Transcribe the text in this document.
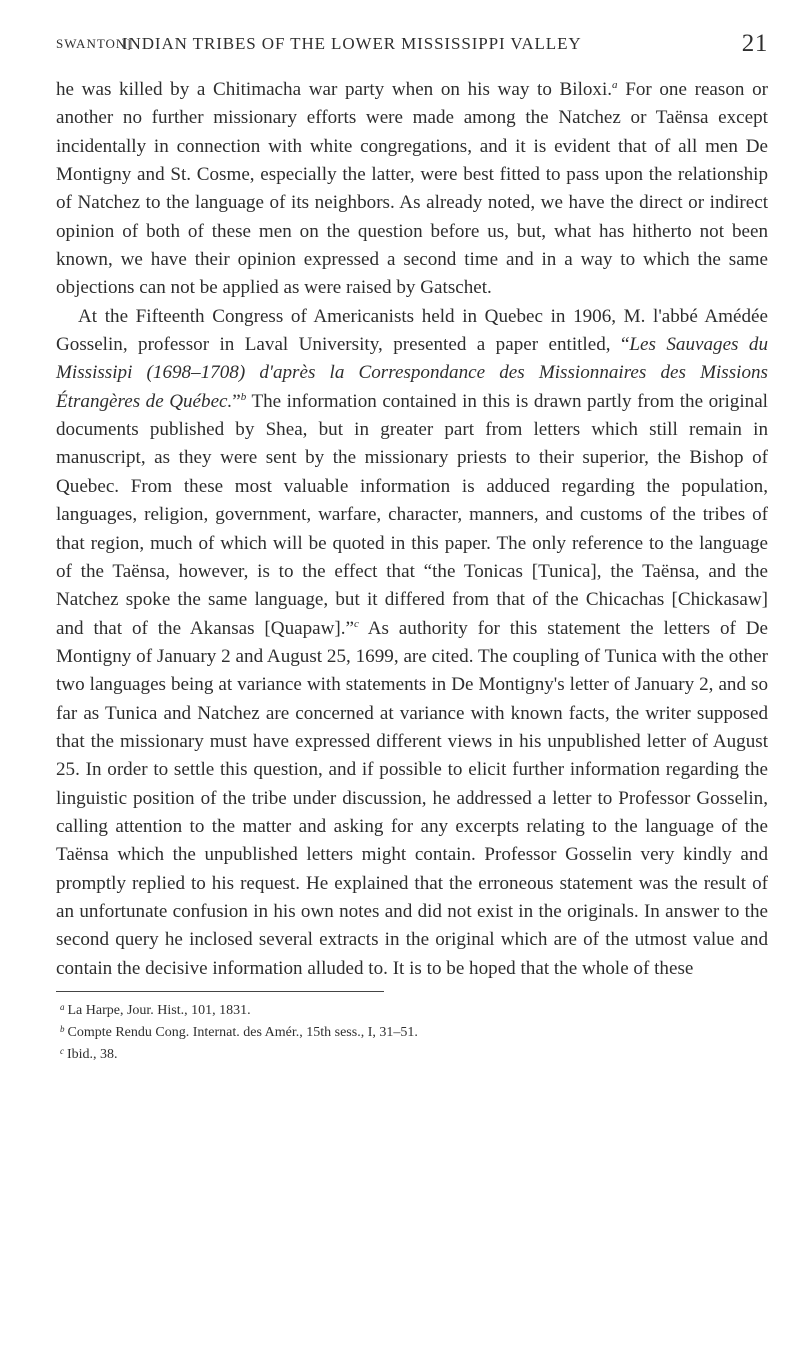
SWANTON]
INDIAN TRIBES OF THE LOWER MISSISSIPPI VALLEY	21

he was killed by a Chitimacha war party when on his way to Biloxi.$^a$ For one reason or another no further missionary efforts were made among the Natchez or Taënsa except incidentally in connection with white congregations, and it is evident that of all men De Montigny and St. Cosme, especially the latter, were best fitted to pass upon the relationship of Natchez to the language of its neighbors. As already noted, we have the direct or indirect opinion of both of these men on the question before us, but, what has hitherto not been known, we have their opinion expressed a second time and in a way to which the same objections can not be applied as were raised by Gatschet.

At the Fifteenth Congress of Americanists held in Quebec in 1906, M. l'abbé Amédée Gosselin, professor in Laval University, presented a paper entitled, “Les Sauvages du Mississipi (1698–1708) d'après la Correspondance des Missionnaires des Missions Étrangères de Québec.”$^b$ The information contained in this is drawn partly from the original documents published by Shea, but in greater part from letters which still remain in manuscript, as they were sent by the missionary priests to their superior, the Bishop of Quebec. From these most valuable information is adduced regarding the population, languages, religion, government, warfare, character, manners, and customs of the tribes of that region, much of which will be quoted in this paper. The only reference to the language of the Taënsa, however, is to the effect that “the Tonicas [Tunica], the Taënsa, and the Natchez spoke the same language, but it differed from that of the Chicachas [Chickasaw] and that of the Akansas [Quapaw].”$^c$ As authority for this statement the letters of De Montigny of January 2 and August 25, 1699, are cited. The coupling of Tunica with the other two languages being at variance with statements in De Montigny's letter of January 2, and so far as Tunica and Natchez are concerned at variance with known facts, the writer supposed that the missionary must have expressed different views in his unpublished letter of August 25. In order to settle this question, and if possible to elicit further information regarding the linguistic position of the tribe under discussion, he addressed a letter to Professor Gosselin, calling attention to the matter and asking for any excerpts relating to the language of the Taënsa which the unpublished letters might contain. Professor Gosselin very kindly and promptly replied to his request. He explained that the erroneous statement was the result of an unfortunate confusion in his own notes and did not exist in the originals. In answer to the second query he inclosed several extracts in the original which are of the utmost value and contain the decisive information alluded to. It is to be hoped that the whole of these

$^a$ La Harpe, Jour. Hist., 101, 1831.
$^b$ Compte Rendu Cong. Internat. des Amér., 15th sess., I, 31–51.
$^c$ Ibid., 38.
